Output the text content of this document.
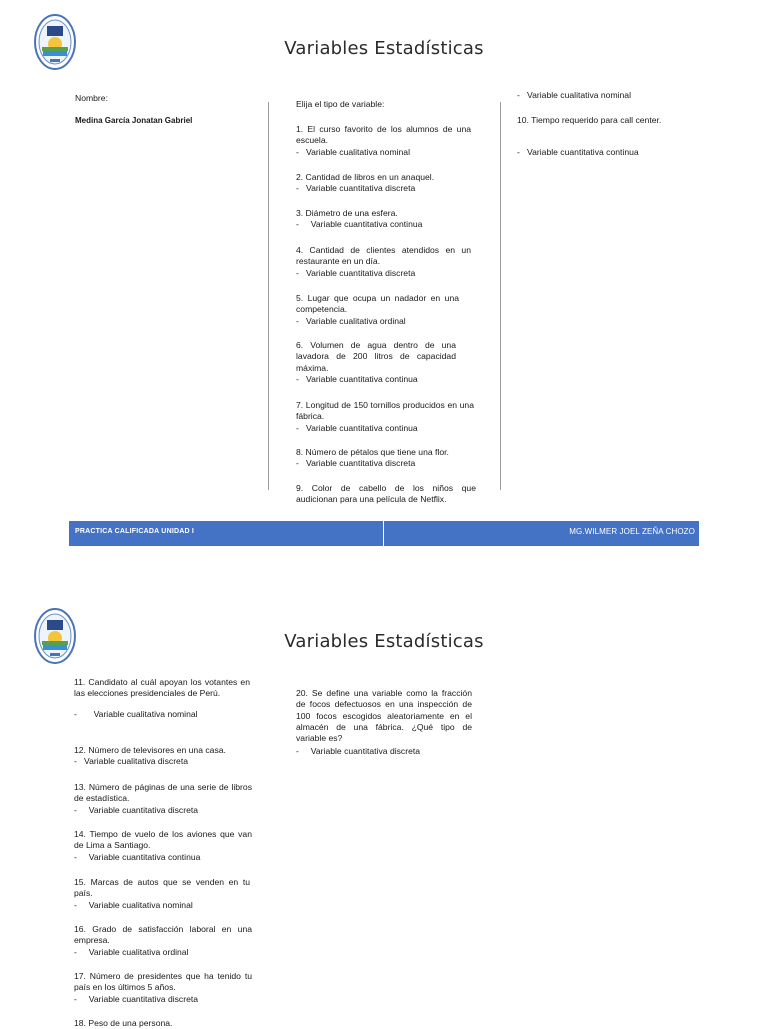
Variables Estadísticas
Nombre:
Medina García Jonatan Gabriel
Elija el tipo de variable:
1. El curso favorito de los alumnos de una escuela.
-   Variable cualitativa nominal
2. Cantidad de libros en un anaquel.
-   Variable cuantitativa discreta
3. Diámetro de una esfera.
-     Variable cuantitativa continua
4. Cantidad de clientes atendidos en un restaurante en un día.
-   Variable cuantitativa discreta
5. Lugar que ocupa un nadador en una competencia.
-   Variable cualitativa ordinal
6. Volumen de agua dentro de una lavadora de 200 litros de capacidad máxima.
-   Variable cuantitativa continua
7. Longitud de 150 tornillos producidos en una fábrica.
-   Variable cuantitativa continua
8. Número de pétalos que tiene una flor.
-   Variable cuantitativa discreta
9. Color de cabello de los niños que audicionan para una película de Netflix.
-   Variable cualitativa nominal
10. Tiempo requerido para call center.
-   Variable cuantitativa continua
PRACTICA CALIFICADA UNIDAD I	MG.WILMER JOEL ZEÑA CHOZO
Variables Estadísticas
11. Candidato al cuál apoyan los votantes en las elecciones presidenciales de Perú.
-       Variable cualitativa nominal
12. Número de televisores en una casa.
-   Variable cualitativa discreta
13. Número de páginas de una serie de libros de estadística.
-     Variable cuantitativa discreta
14. Tiempo de vuelo de los aviones que van de Lima a Santiago.
-     Variable cuantitativa continua
15. Marcas de autos que se venden en tu país.
-     Variable cualitativa nominal
16. Grado de satisfacción laboral en una empresa.
-     Variable cualitativa ordinal
17. Número de presidentes que ha tenido tu país en los últimos 5 años.
-     Variable cuantitativa discreta
18. Peso de una persona.
20. Se define una variable como la fracción de focos defectuosos en una inspección de 100 focos escogidos aleatoriamente en el almacén de una fábrica. ¿Qué tipo de variable es?
-     Variable cuantitativa discreta
